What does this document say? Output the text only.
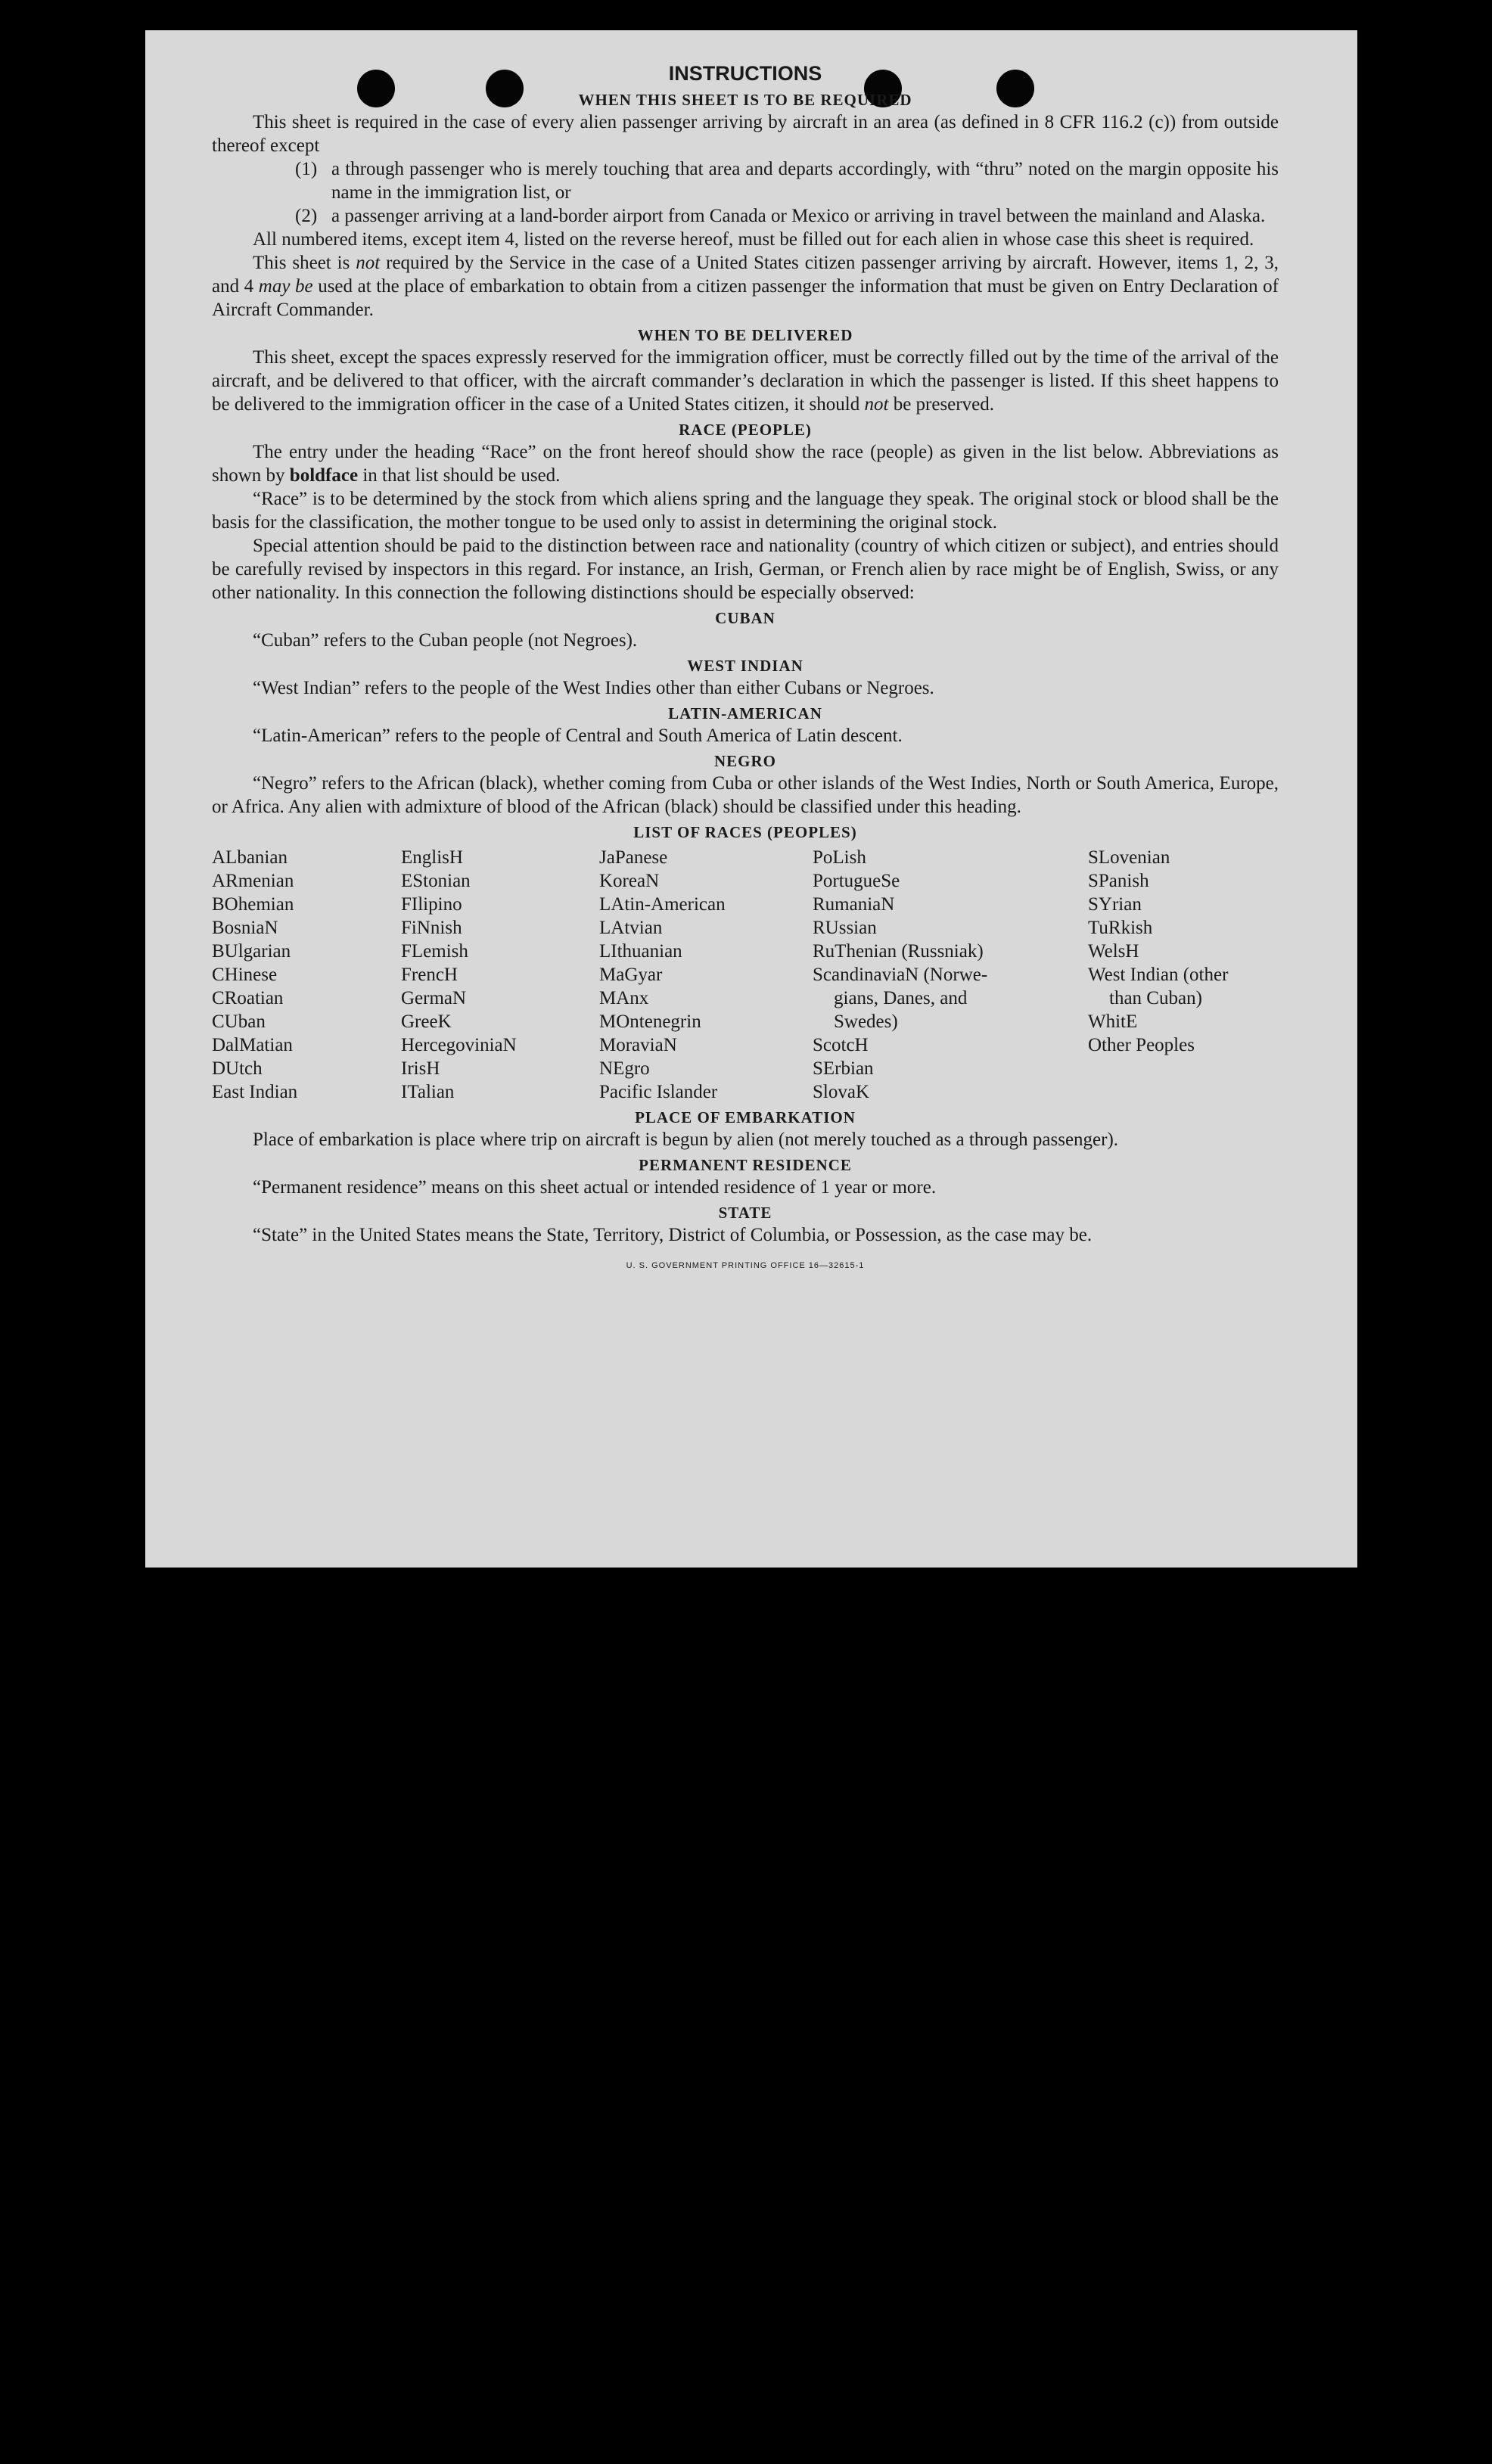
INSTRUCTIONS
WHEN THIS SHEET IS TO BE REQUIRED

This sheet is required in the case of every alien passenger arriving by aircraft in an area (as defined in 8 CFR 116.2 (c)) from outside thereof except

(1) a through passenger who is merely touching that area and departs accordingly, with “thru” noted on the margin opposite his name in the immigration list, or
(2) a passenger arriving at a land-border airport from Canada or Mexico or arriving in travel between the mainland and Alaska.

All numbered items, except item 4, listed on the reverse hereof, must be filled out for each alien in whose case this sheet is required.

This sheet is not required by the Service in the case of a United States citizen passenger arriving by aircraft. However, items 1, 2, 3, and 4 may be used at the place of embarkation to obtain from a citizen passenger the information that must be given on Entry Declaration of Aircraft Commander.

WHEN TO BE DELIVERED

This sheet, except the spaces expressly reserved for the immigration officer, must be correctly filled out by the time of the arrival of the aircraft, and be delivered to that officer, with the aircraft commander’s declaration in which the passenger is listed. If this sheet happens to be delivered to the immigration officer in the case of a United States citizen, it should not be preserved.

RACE (PEOPLE)

The entry under the heading “Race” on the front hereof should show the race (people) as given in the list below. Abbreviations as shown by boldface in that list should be used.

“Race” is to be determined by the stock from which aliens spring and the language they speak. The original stock or blood shall be the basis for the classification, the mother tongue to be used only to assist in determining the original stock.

Special attention should be paid to the distinction between race and nationality (country of which citizen or subject), and entries should be carefully revised by inspectors in this regard. For instance, an Irish, German, or French alien by race might be of English, Swiss, or any other nationality. In this connection the following distinctions should be especially observed:

CUBAN

“Cuban” refers to the Cuban people (not Negroes).

WEST INDIAN

“West Indian” refers to the people of the West Indies other than either Cubans or Negroes.

LATIN-AMERICAN

“Latin-American” refers to the people of Central and South America of Latin descent.

NEGRO

“Negro” refers to the African (black), whether coming from Cuba or other islands of the West Indies, North or South America, Europe, or Africa. Any alien with admixture of blood of the African (black) should be classified under this heading.

LIST OF RACES (PEOPLES)
ALbanian
ARmenian
BOhemian
BosniaN
BUlgarian
CHinese
CRoatian
CUban
DalMatian
DUtch
East Indian
EnglisH
EStonian
FIlipino
FiNnish
FLemish
FrencH
GermaN
GreeK
HercegoviniaN
IrisH
ITalian
JaPanese
KoreaN
LAtin-American
LAtvian
LIthuanian
MaGyar
MAnx
MOntenegrin
MoraviaN
NEgro
Pacific Islander
PoLish
PortugueSe
RumaniaN
RUssian
RuThenian (Russniak)
ScandinaviaN (Norwe-
gians, Danes, and
Swedes)
ScotcH
SErbian
SlovaK
SLovenian
SPanish
SYrian
TuRkish
WelsH
West Indian (other
than Cuban)
WhitE
Other Peoples
PLACE OF EMBARKATION

Place of embarkation is place where trip on aircraft is begun by alien (not merely touched as a through passenger).

PERMANENT RESIDENCE

“Permanent residence” means on this sheet actual or intended residence of 1 year or more.

STATE

“State” in the United States means the State, Territory, District of Columbia, or Possession, as the case may be.

U. S. GOVERNMENT PRINTING OFFICE 16—32615-1
